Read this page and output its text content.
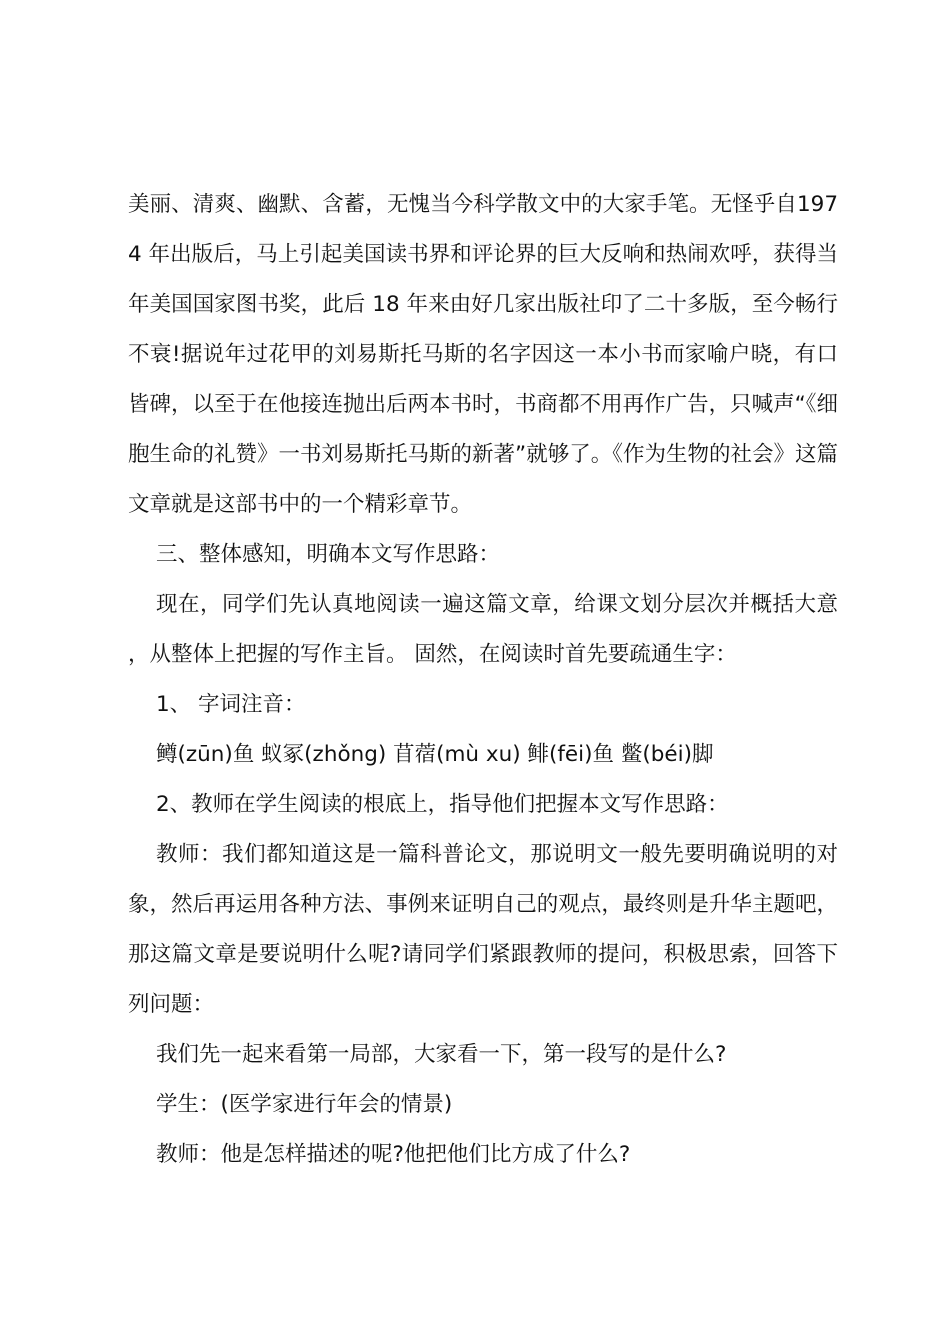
美丽、清爽、幽默、含蓄，无愧当今科学散文中的大家手笔。无怪乎自1974 年出版后，马上引起美国读书界和评论界的巨大反响和热闹欢呼，获得当年美国国家图书奖，此后 18 年来由好几家出版社印了二十多版，至今畅行不衰!据说年过花甲的刘易斯托马斯的名字因这一本小书而家喻户晓，有口皆碑，以至于在他接连抛出后两本书时，书商都不用再作广告，只喊声“《细胞生命的礼赞》一书刘易斯托马斯的新著”就够了。《作为生物的社会》这篇文章就是这部书中的一个精彩章节。

三、整体感知，明确本文写作思路：

现在，同学们先认真地阅读一遍这篇文章，给课文划分层次并概括大意，从整体上把握的写作主旨。 固然，在阅读时首先要疏通生字：

1、 字词注音：

鳟(zūn)鱼 蚁冢(zhǒng) 苜蓿(mù xu) 鲱(fēi)鱼 鳖(béi)脚

2、教师在学生阅读的根底上，指导他们把握本文写作思路：

教师：我们都知道这是一篇科普论文，那说明文一般先要明确说明的对象，然后再运用各种方法、事例来证明自己的观点，最终则是升华主题吧，那这篇文章是要说明什么呢?请同学们紧跟教师的提问，积极思索，回答下列问题：

我们先一起来看第一局部，大家看一下，第一段写的是什么?

学生：(医学家进行年会的情景)

教师：他是怎样描述的呢?他把他们比方成了什么?
